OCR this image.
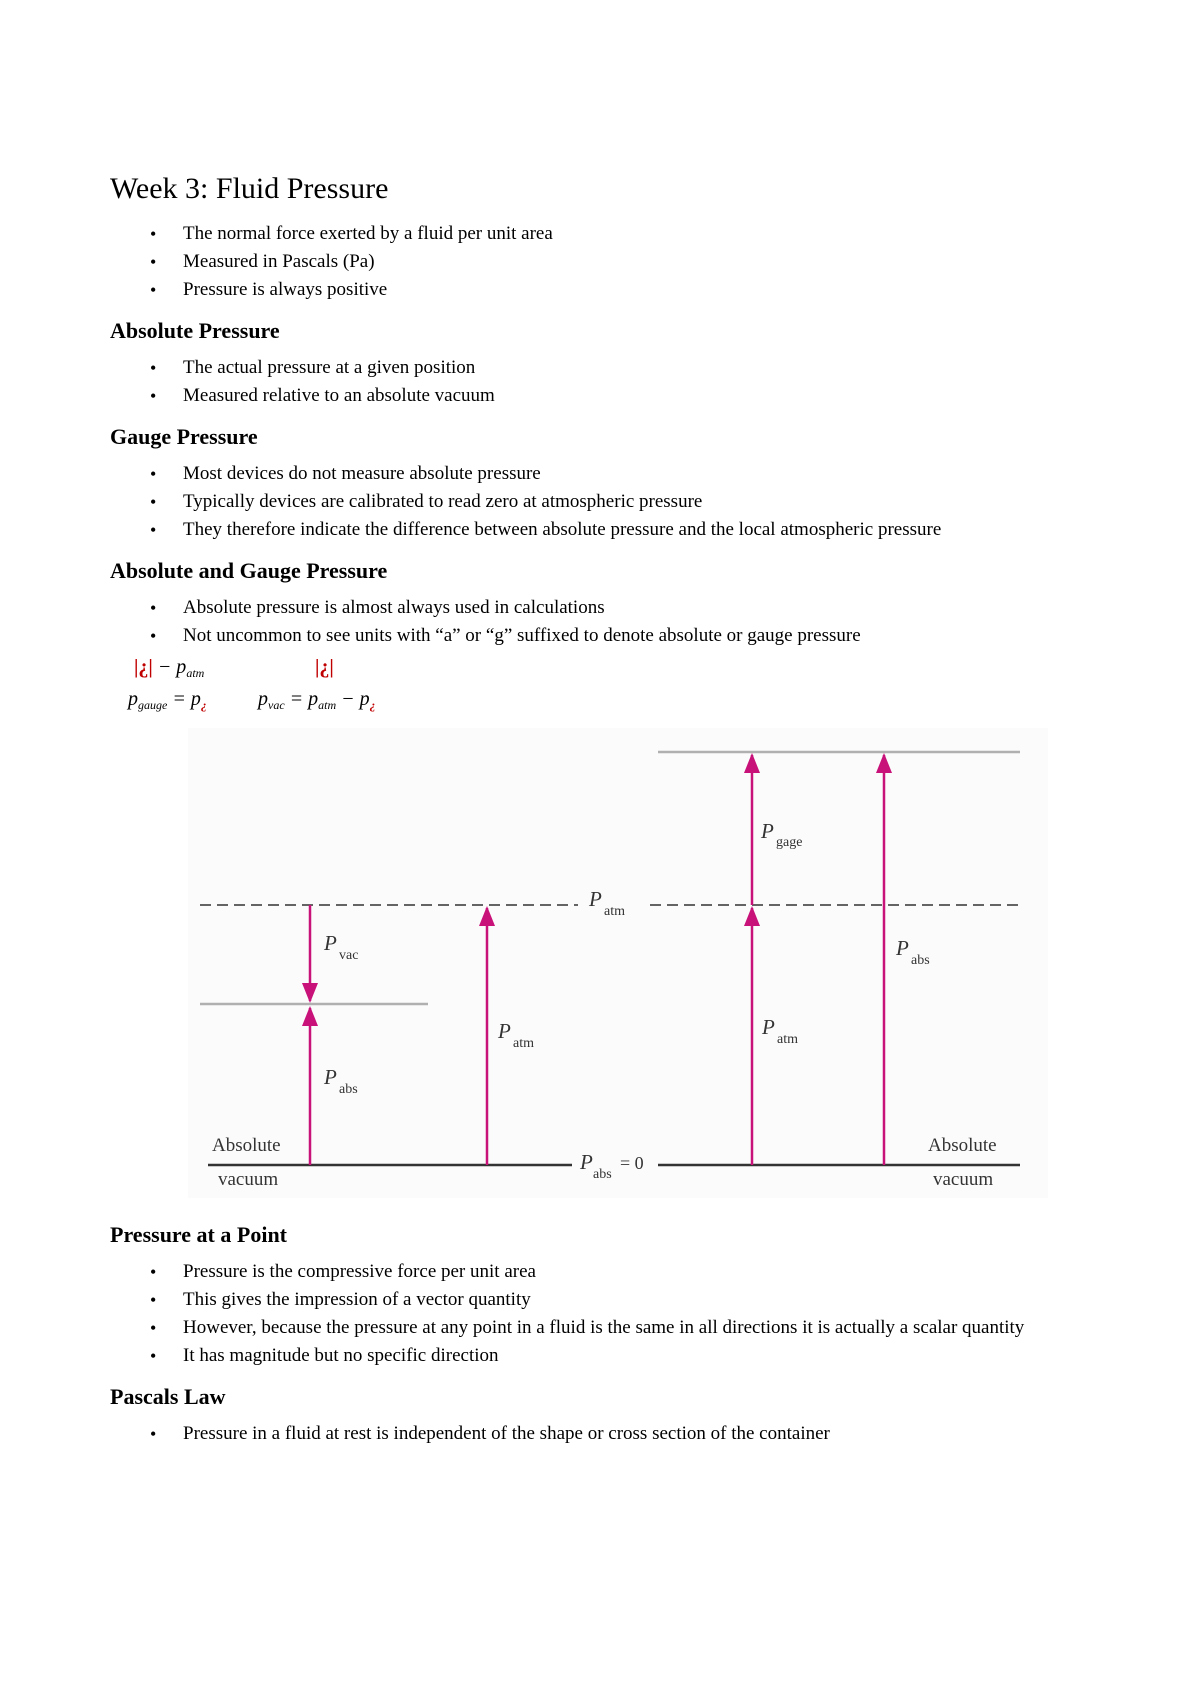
Week 3: Fluid Pressure
• The normal force exerted by a fluid per unit area
• Measured in Pascals (Pa)
• Pressure is always positive
Absolute Pressure
• The actual pressure at a given position
• Measured relative to an absolute vacuum
Gauge Pressure
• Most devices do not measure absolute pressure
• Typically devices are calibrated to read zero at atmospheric pressure
• They therefore indicate the difference between absolute pressure and the local atmospheric pressure
Absolute and Gauge Pressure
• Absolute pressure is almost always used in calculations
• Not uncommon to see units with “a” or “g” suffixed to denote absolute or gauge pressure
|¿| − $p_{atm}$
$p_{gauge} = p_¿$
|¿|
$p_{vac} = p_{atm} - p_¿$
P gage
P
atm
P
vac
P
abs
P
atm
P
atm
P
abs
P
abs
= 0
Absolute
vacuum
Absolute
vacuum
Pressure at a Point
• Pressure is the compressive force per unit area
• This gives the impression of a vector quantity
• However, because the pressure at any point in a fluid is the same in all directions it is actually a scalar quantity
• It has magnitude but no specific direction
Pascals Law
• Pressure in a fluid at rest is independent of the shape or cross section of the container
